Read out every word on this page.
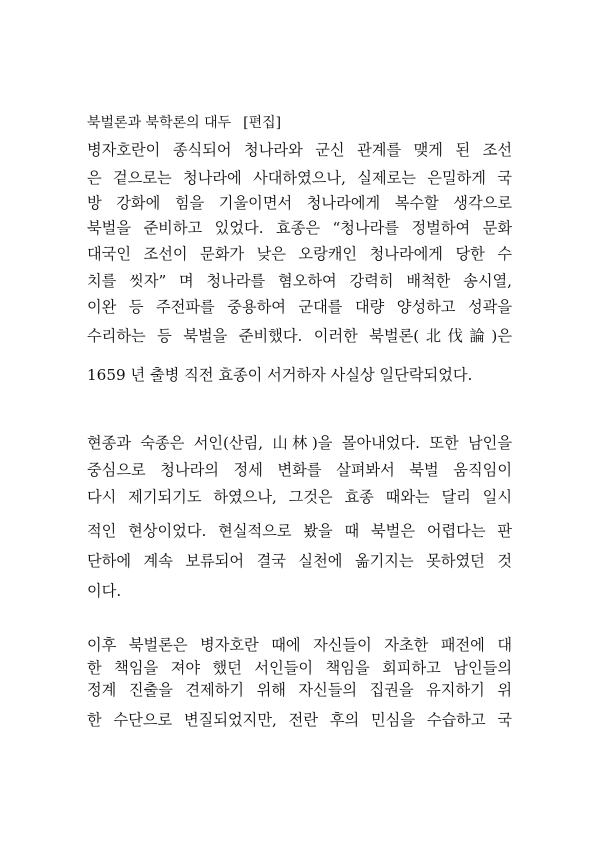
북벌론과 북학론의 대두 [편집]
병자호란이 종식되어 청나라와 군신 관계를 맺게 된 조선
은 겉으로는 청나라에 사대하였으나, 실제로는 은밀하게 국
방 강화에 힘을 기울이면서 청나라에게 복수할 생각으로
북벌을 준비하고 있었다. 효종은 “청나라를 정벌하여 문화
대국인 조선이 문화가 낮은 오랑캐인 청나라에게 당한 수
치를 씻자” 며 청나라를 혐오하여 강력히 배척한 송시열,
이완 등 주전파를 중용하여 군대를 대량 양성하고 성곽을
수리하는 등 북벌을 준비했다. 이러한 북벌론(北伐論)은
1659 년 출병 직전 효종이 서거하자 사실상 일단락되었다.
현종과 숙종은 서인(산림, 山林)을 몰아내었다. 또한 남인을
중심으로 청나라의 정세 변화를 살펴봐서 북벌 움직임이
다시 제기되기도 하였으나, 그것은 효종 때와는 달리 일시
적인 현상이었다. 현실적으로 봤을 때 북벌은 어렵다는 판
단하에 계속 보류되어 결국 실천에 옮기지는 못하였던 것
이다.
이후 북벌론은 병자호란 때에 자신들이 자초한 패전에 대
한 책임을 져야 했던 서인들이 책임을 회피하고 남인들의
정계 진출을 견제하기 위해 자신들의 집권을 유지하기 위
한 수단으로 변질되었지만, 전란 후의 민심을 수습하고 국
